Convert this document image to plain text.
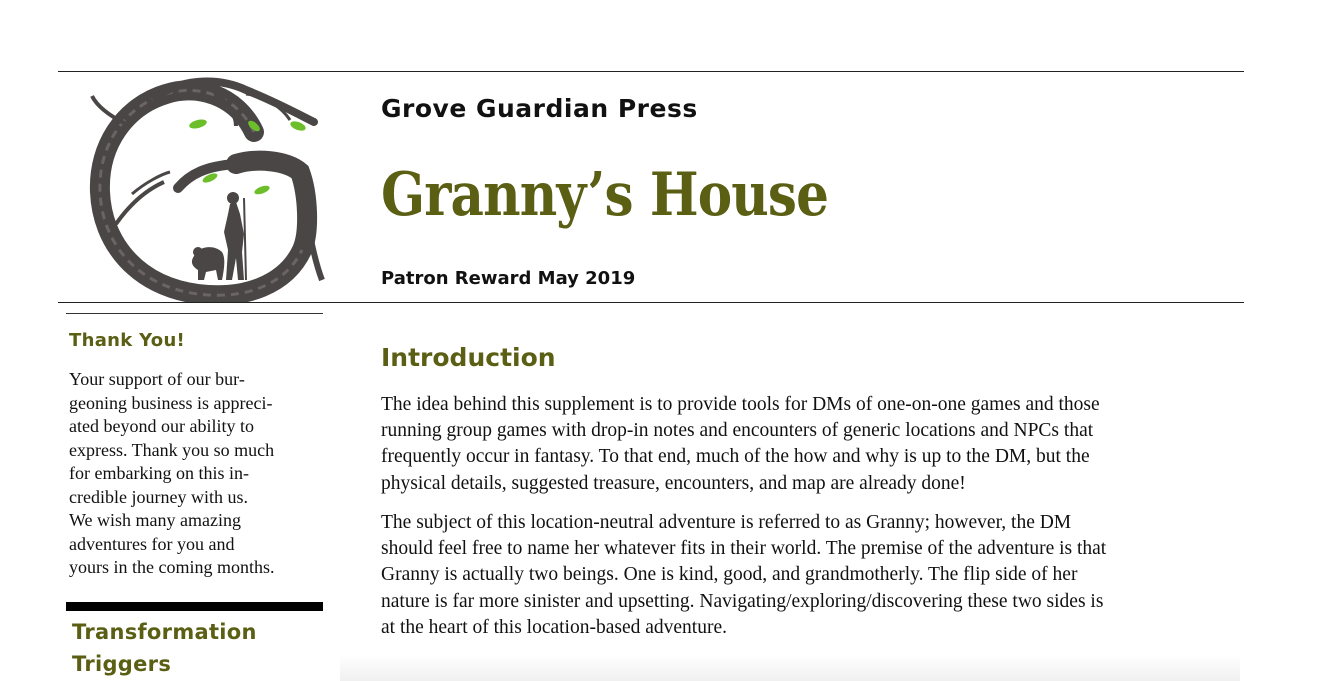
Grove Guardian Press
Granny’s House

Patron Reward May 2019

Thank You!
Your support of our bur-
geoning business is appreci-
ated beyond our ability to
express. Thank you so much
for embarking on this in-
credible journey with us.
We wish many amazing
adventures for you and
yours in the coming months.
Transformation
Triggers
Introduction
The idea behind this supplement is to provide tools for DMs of one-on-one games and those
running group games with drop-in notes and encounters of generic locations and NPCs that
frequently occur in fantasy. To that end, much of the how and why is up to the DM, but the
physical details, suggested treasure, encounters, and map are already done!
The subject of this location-neutral adventure is referred to as Granny; however, the DM
should feel free to name her whatever fits in their world. The premise of the adventure is that
Granny is actually two beings. One is kind, good, and grandmotherly. The flip side of her
nature is far more sinister and upsetting. Navigating/exploring/discovering these two sides is
at the heart of this location-based adventure.
